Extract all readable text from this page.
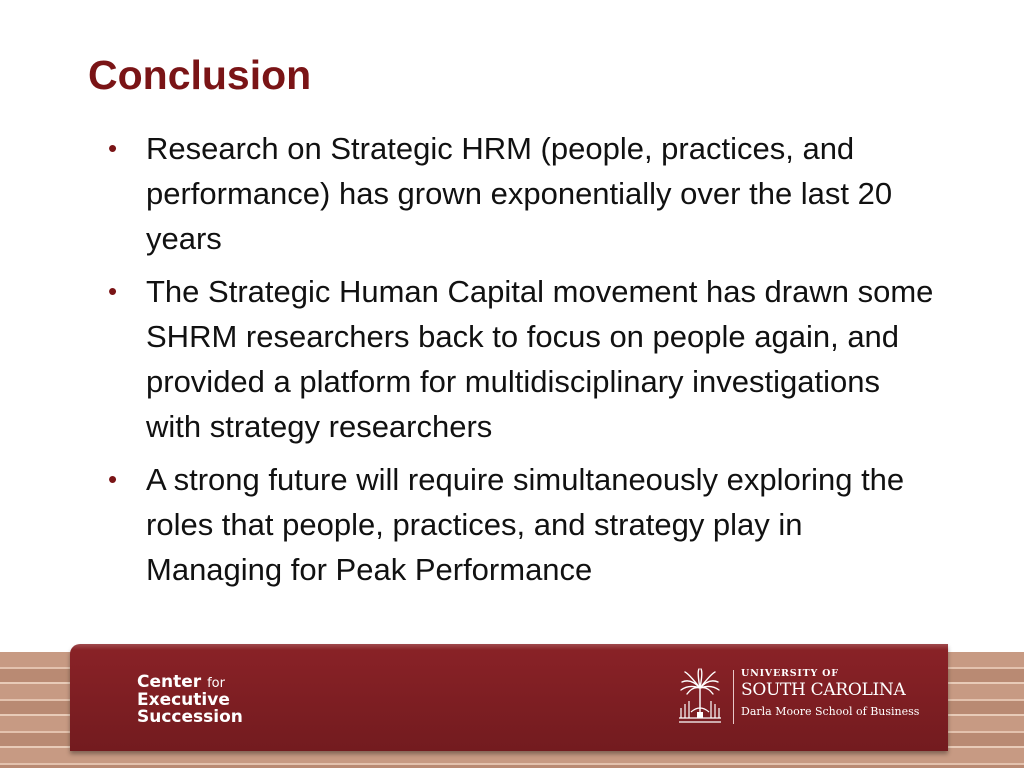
Conclusion
• Research on Strategic HRM (people, practices, and performance) has grown exponentially over the last 20 years
• The Strategic Human Capital movement has drawn some SHRM researchers back to focus on people again, and provided a platform for multidisciplinary investigations with strategy researchers
• A strong future will require simultaneously exploring the roles that people, practices, and strategy play in Managing for Peak Performance
Center for
Executive
Succession
UNIVERSITY OF
SOUTH CAROLINA
Darla Moore School of Business
